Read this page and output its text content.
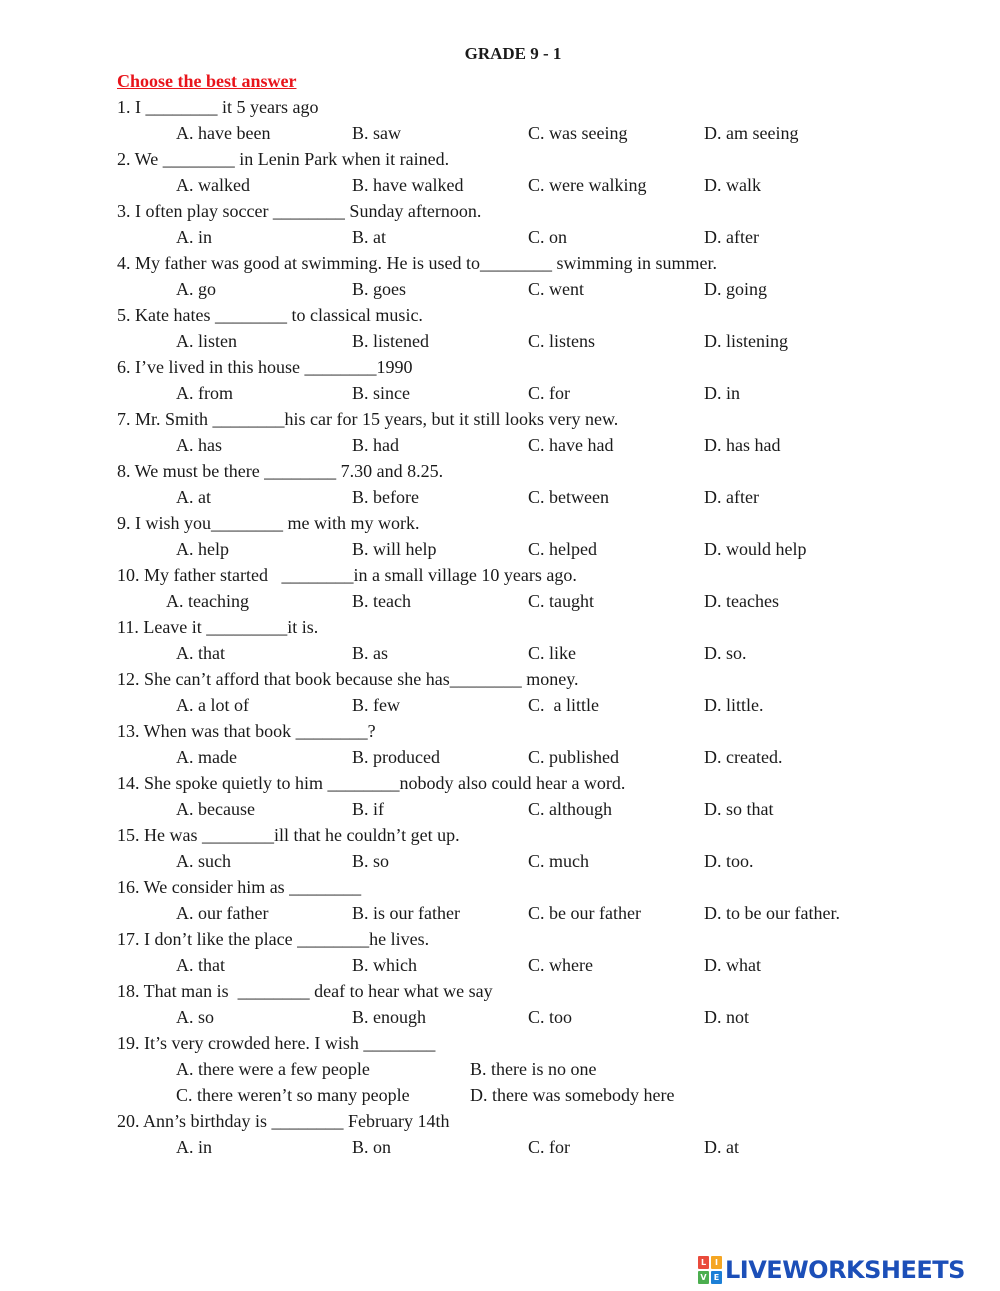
GRADE 9 - 1
Choose the best answer
1. I ________ it 5 years ago
A. have been	B. saw	C. was seeing	D. am seeing
2. We ________ in Lenin Park when it rained.
A. walked	B. have walked	C. were walking	D. walk
3. I often play soccer ________ Sunday afternoon.
A. in	B. at	C. on	D. after
4. My father was good at swimming. He is used to________ swimming in summer.
A. go	B. goes	C. went	D. going
5. Kate hates ________ to classical music.
A. listen	B. listened	C. listens	D. listening
6. I’ve lived in this house ________1990
A. from	B. since	C. for	D. in
7. Mr. Smith ________his car for 15 years, but it still looks very new.
A. has	B. had	C. have had	D. has had
8. We must be there ________ 7.30 and 8.25.
A. at	B. before	C. between	D. after
9. I wish you________ me with my work.
A. help	B. will help	C. helped	D. would help
10. My father started   ________in a small village 10 years ago.
A. teaching	B. teach	C. taught	D. teaches
11. Leave it _________it is.
A. that	B. as	C. like	D. so.
12. She can’t afford that book because she has________ money.
A. a lot of	B. few	C.  a little	D. little.
13. When was that book ________?
A. made	B. produced	C. published	D. created.
14. She spoke quietly to him ________nobody also could hear a word.
A. because	B. if	C. although	D. so that
15. He was ________ill that he couldn’t get up.
A. such	B. so	C. much	D. too.
16. We consider him as ________
A. our father	B. is our father	C. be our father	D. to be our father.
17. I don’t like the place ________he lives.
A. that	B. which	C. where	D. what
18. That man is  ________ deaf to hear what we say
A. so	B. enough	C. too	D. not
19. It’s very crowded here. I wish ________
A. there were a few people	B. there is no one
C. there weren’t so many people	D. there was somebody here
20. Ann’s birthday is ________ February 14th
A. in	B. on	C. for	D. at
L	I
V E LIVEWORKSHEETS
